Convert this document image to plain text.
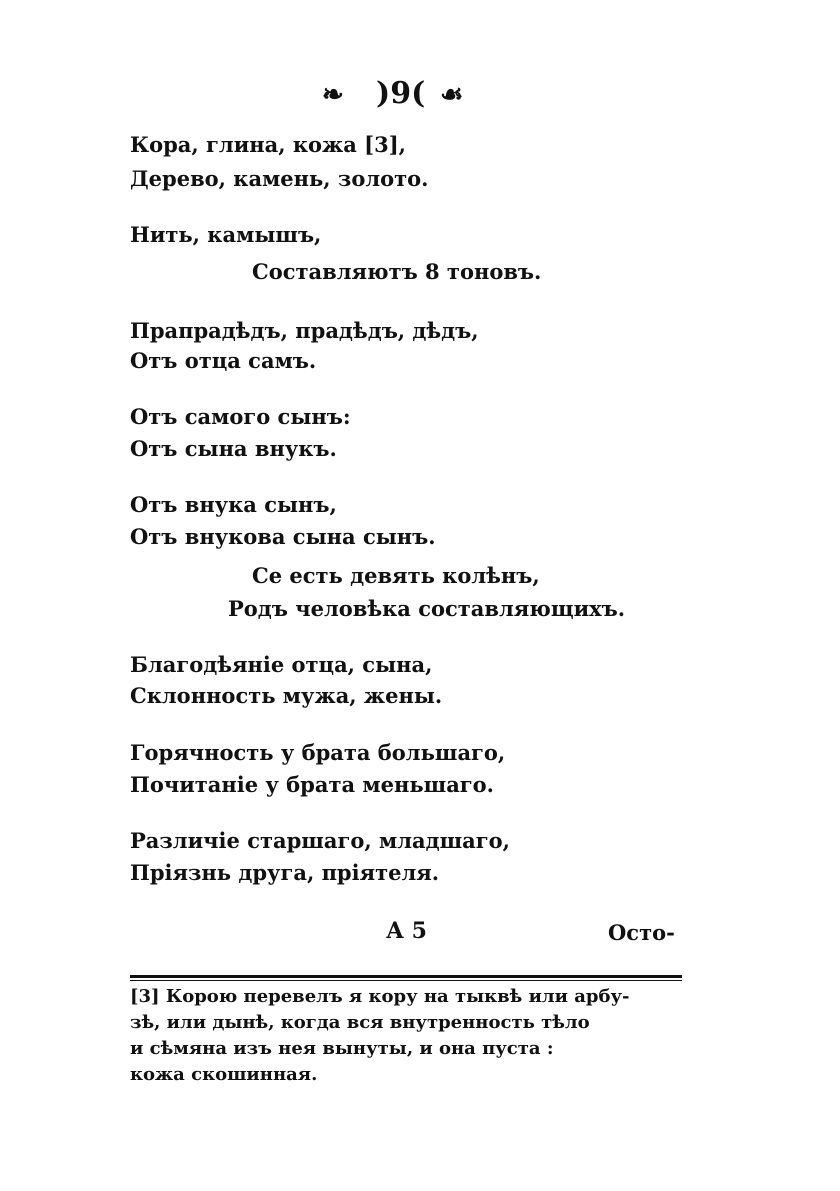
❧ )9( ☙
Кора, глина, кожа [3],
Дерево, камень, золото.
Нить, камышъ,
Составляютъ 8 тоновъ.
Прапрадѣдъ, прадѣдъ, дѣдъ,
Отъ отца самъ.
Отъ самого сынъ:
Отъ сына внукъ.
Отъ внука сынъ,
Отъ внукова сына сынъ.
Се есть девять колѣнъ,
Родъ человѣка составляющихъ.
Благодѣяніе отца, сына,
Склонность мужа, жены.
Горячность у брата большаго,
Почитаніе у брата меньшаго.
Различіе старшаго, младшаго,
Пріязнь друга, пріятеля.
А 5	Осто-
[3] Корою перевелъ я кору на тыквѣ или арбу-
зѣ, или дынѣ, когда вся внутренность тѣло
и сѣмяна изъ нея вынуты, и она пуста :
кожа скошинная.
